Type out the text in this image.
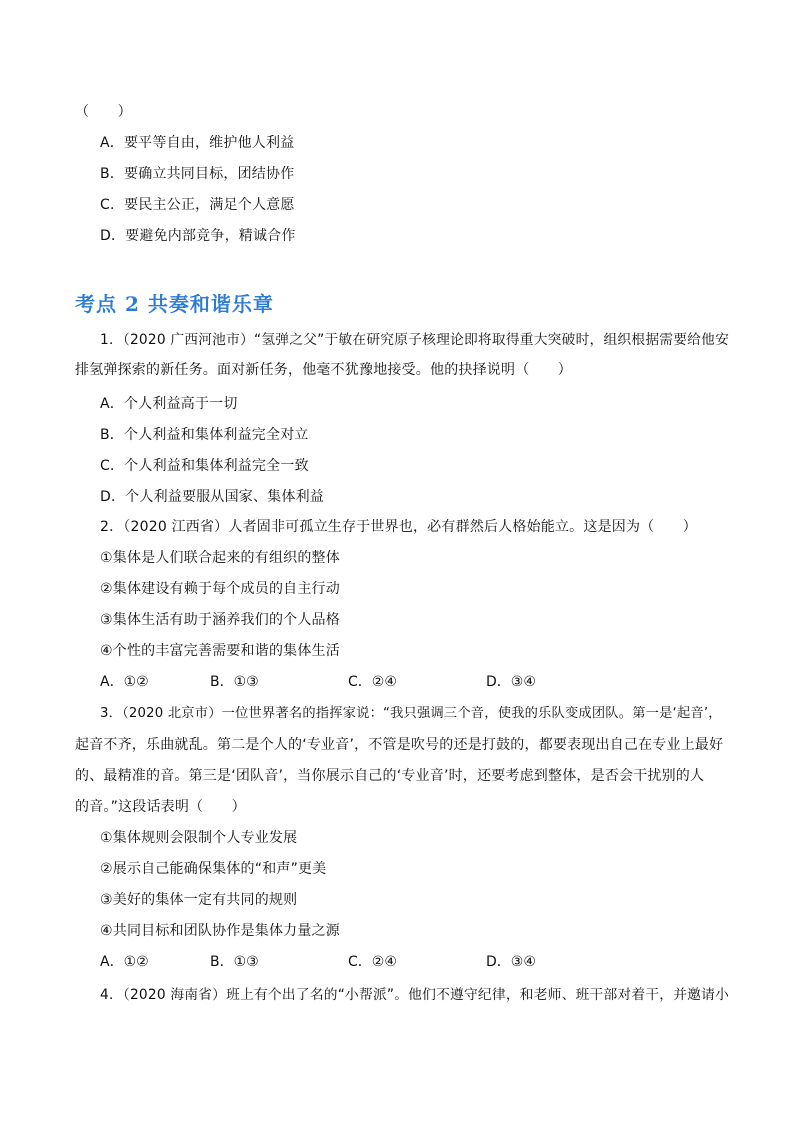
（　　）
A．要平等自由，维护他人利益
B．要确立共同目标，团结协作
C．要民主公正，满足个人意愿
D．要避免内部竞争，精诚合作
考点 2 共奏和谐乐章
1．（2020 广西河池市）“氢弹之父”于敏在研究原子核理论即将取得重大突破时，组织根据需要给他安
排氢弹探索的新任务。面对新任务，他毫不犹豫地接受。他的抉择说明（　　）
A．个人利益高于一切
B．个人利益和集体利益完全对立
C．个人利益和集体利益完全一致
D．个人利益要服从国家、集体利益
2．（2020 江西省）人者固非可孤立生存于世界也，必有群然后人格始能立。这是因为（　　）
①集体是人们联合起来的有组织的整体
②集体建设有赖于每个成员的自主行动
③集体生活有助于涵养我们的个人品格
④个性的丰富完善需要和谐的集体生活
A．①②	B．①③	C．②④	D．③④
3．（2020 北京市）一位世界著名的指挥家说：“我只强调三个音，使我的乐队变成团队。第一是‘起音’，
起音不齐，乐曲就乱。第二是个人的‘专业音’，不管是吹号的还是打鼓的，都要表现出自己在专业上最好
的、最精准的音。第三是‘团队音’，当你展示自己的‘专业音’时，还要考虑到整体，是否会干扰别的人
的音。”这段话表明（　　）
①集体规则会限制个人专业发展
②展示自己能确保集体的“和声”更美
③美好的集体一定有共同的规则
④共同目标和团队协作是集体力量之源
A．①②	B．①③	C．②④	D．③④
4．（2020 海南省）班上有个出了名的“小帮派”。他们不遵守纪律，和老师、班干部对着干，并邀请小
